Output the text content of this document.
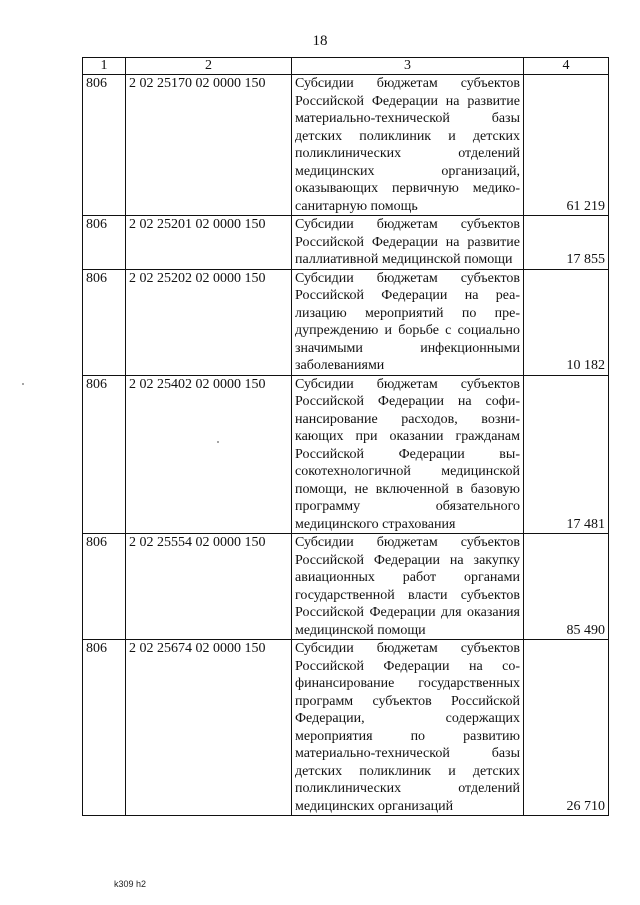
18
1	2	3	4
806	2 02 25170 02 0000 150	Субсидии бюджетам субъектов Российской Федерации на развитие материально-технической базы детских поликлиник и детских поликлинических отделений медицинских организаций, оказывающих первичную медико-санитарную помощь	61 219
806	2 02 25201 02 0000 150	Субсидии бюджетам субъектов Российской Федерации на развитие паллиативной медицинской помощи	17 855
806	2 02 25202 02 0000 150	Субсидии бюджетам субъектов Российской Федерации на реализацию мероприятий по предупреждению и борьбе с социально значимыми инфекционными заболеваниями	10 182
806	2 02 25402 02 0000 150	Субсидии бюджетам субъектов Российской Федерации на софинансирование расходов, возникающих при оказании гражданам Российской Федерации высокотехнологичной медицинской помощи, не включенной в базовую программу обязательного медицинского страхования	17 481
806	2 02 25554 02 0000 150	Субсидии бюджетам субъектов Российской Федерации на закупку авиационных работ органами государственной власти субъектов Российской Федерации для оказания медицинской помощи	85 490
806	2 02 25674 02 0000 150	Субсидии бюджетам субъектов Российской Федерации на софинансирование государственных программ субъектов Российской Федерации, содержащих мероприятия по развитию материально-технической базы детских поликлиник и детских поликлинических отделений медицинских организаций	26 710
k309 h2
